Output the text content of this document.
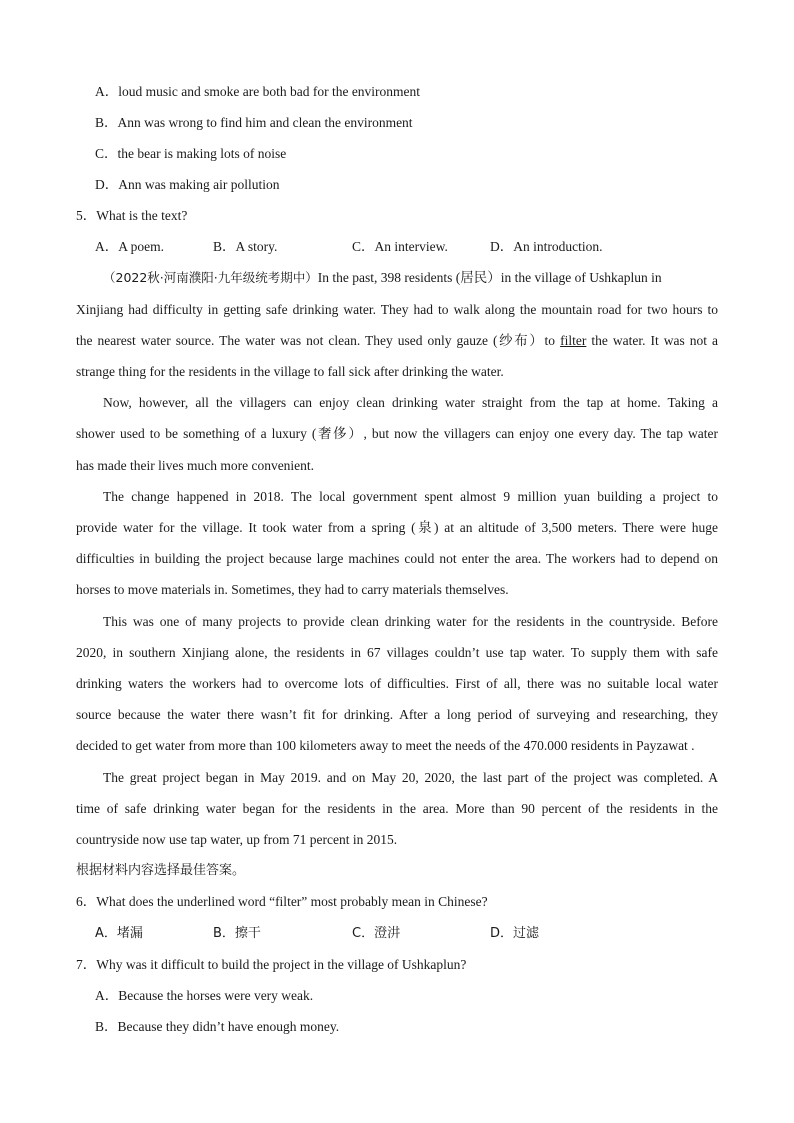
A．loud music and smoke are both bad for the environment
B．Ann was wrong to find him and clean the environment
C．the bear is making lots of noise
D．Ann was making air pollution
5．What is the text?
A．A poem.	B．A story.	C．An interview.	D．An introduction.
（2022秋·河南濮阳·九年级统考期中）In the past, 398 residents (居民）in the village of Ushkaplun in
Xinjiang had difficulty in getting safe drinking water. They had to walk along the mountain road for two hours to
the nearest water source. The water was not clean. They used only gauze (纱布）to filter the water. It was not a
strange thing for the residents in the village to fall sick after drinking the water.
Now, however, all the villagers can enjoy clean drinking water straight from the tap at home. Taking a
shower used to be something of a luxury (奢侈）, but now the villagers can enjoy one every day. The tap water
has made their lives much more convenient.
The change happened in 2018. The local government spent almost 9 million yuan building a project to
provide water for the village. It took water from a spring (泉) at an altitude of 3,500 meters. There were huge
difficulties in building the project because large machines could not enter the area. The workers had to depend on
horses to move materials in. Sometimes, they had to carry materials themselves.
This was one of many projects to provide clean drinking water for the residents in the countryside. Before
2020, in southern Xinjiang alone, the residents in 67 villages couldn’t use tap water. To supply them with safe
drinking waters the workers had to overcome lots of difficulties. First of all, there was no suitable local water
source because the water there wasn’t fit for drinking. After a long period of surveying and researching, they
decided to get water from more than 100 kilometers away to meet the needs of the 470.000 residents in Payzawat .
The great project began in May 2019. and on May 20, 2020, the last part of the project was completed. A
time of safe drinking water began for the residents in the area. More than 90 percent of the residents in the
countryside now use tap water, up from 71 percent in 2015.
根据材料内容选择最佳答案。
6．What does the underlined word “filter” most probably mean in Chinese?
A．堵漏	B．擦干	C．澄汫	D．过滤
7．Why was it difficult to build the project in the village of Ushkaplun?
A．Because the horses were very weak.
B．Because they didn’t have enough money.
